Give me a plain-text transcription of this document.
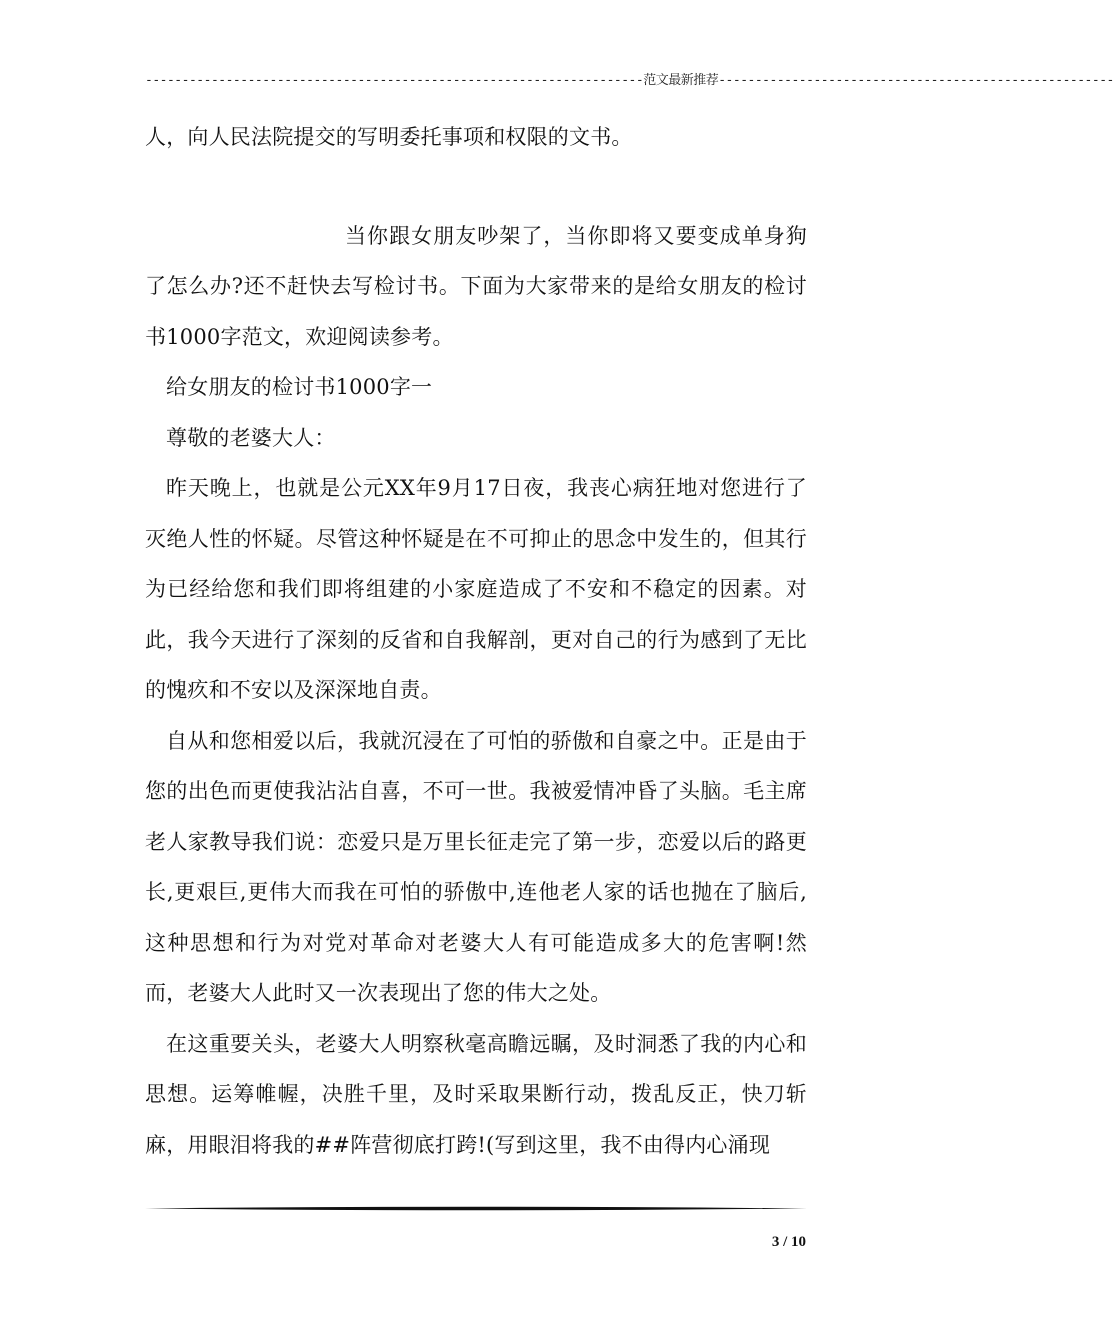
--------------------------------------------------------------------范文最新推荐------------------------------------------------------

人，向人民法院提交的写明委托事项和权限的文书。

当你跟女朋友吵架了，当你即将又要变成单身狗了怎么办?还不赶快去写检讨书。下面为大家带来的是给女朋友的检讨书1000字范文，欢迎阅读参考。

给女朋友的检讨书1000字一

尊敬的老婆大人：

昨天晚上，也就是公元XX年9月17日夜，我丧心病狂地对您进行了灭绝人性的怀疑。尽管这种怀疑是在不可抑止的思念中发生的，但其行为已经给您和我们即将组建的小家庭造成了不安和不稳定的因素。对此，我今天进行了深刻的反省和自我解剖，更对自己的行为感到了无比的愧疚和不安以及深深地自责。

自从和您相爱以后，我就沉浸在了可怕的骄傲和自豪之中。正是由于您的出色而更使我沾沾自喜，不可一世。我被爱情冲昏了头脑。毛主席老人家教导我们说：恋爱只是万里长征走完了第一步，恋爱以后的路更长,更艰巨,更伟大而我在可怕的骄傲中,连他老人家的话也抛在了脑后,这种思想和行为对党对革命对老婆大人有可能造成多大的危害啊!然而，老婆大人此时又一次表现出了您的伟大之处。

在这重要关头，老婆大人明察秋毫高瞻远瞩，及时洞悉了我的内心和思想。运筹帷幄，决胜千里，及时采取果断行动，拨乱反正，快刀斩麻，用眼泪将我的##阵营彻底打跨!(写到这里，我不由得内心涌现

3 / 10
